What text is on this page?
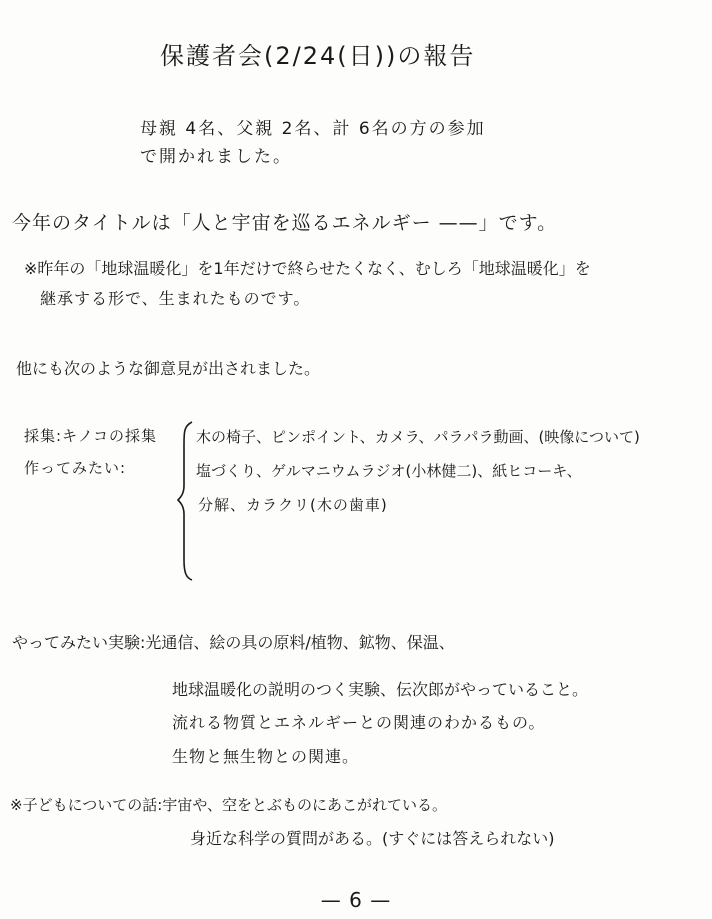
保護者会(2/24(日))の報告
母親 4名、父親 2名、計 6名の方の参加
で開かれました。
今年のタイトルは「人と宇宙を巡るエネルギー ——」です。
※昨年の「地球温暖化」を1年だけで終らせたくなく、むしろ「地球温暖化」を
継承する形で、生まれたものです。
他にも次のような御意見が出されました。
採集:キノコの採集
作ってみたい:
木の椅子、ピンポイント、カメラ、パラパラ動画、(映像について)
塩づくり、ゲルマニウムラジオ(小林健二)、紙ヒコーキ、
分解、カラクリ(木の歯車)
やってみたい実験:光通信、絵の具の原料/植物、鉱物、保温、
地球温暖化の説明のつく実験、伝次郎がやっていること。
流れる物質とエネルギーとの関連のわかるもの。
生物と無生物との関連。
※子どもについての話:宇宙や、空をとぶものにあこがれている。
身近な科学の質問がある。(すぐには答えられない)
— 6 —
